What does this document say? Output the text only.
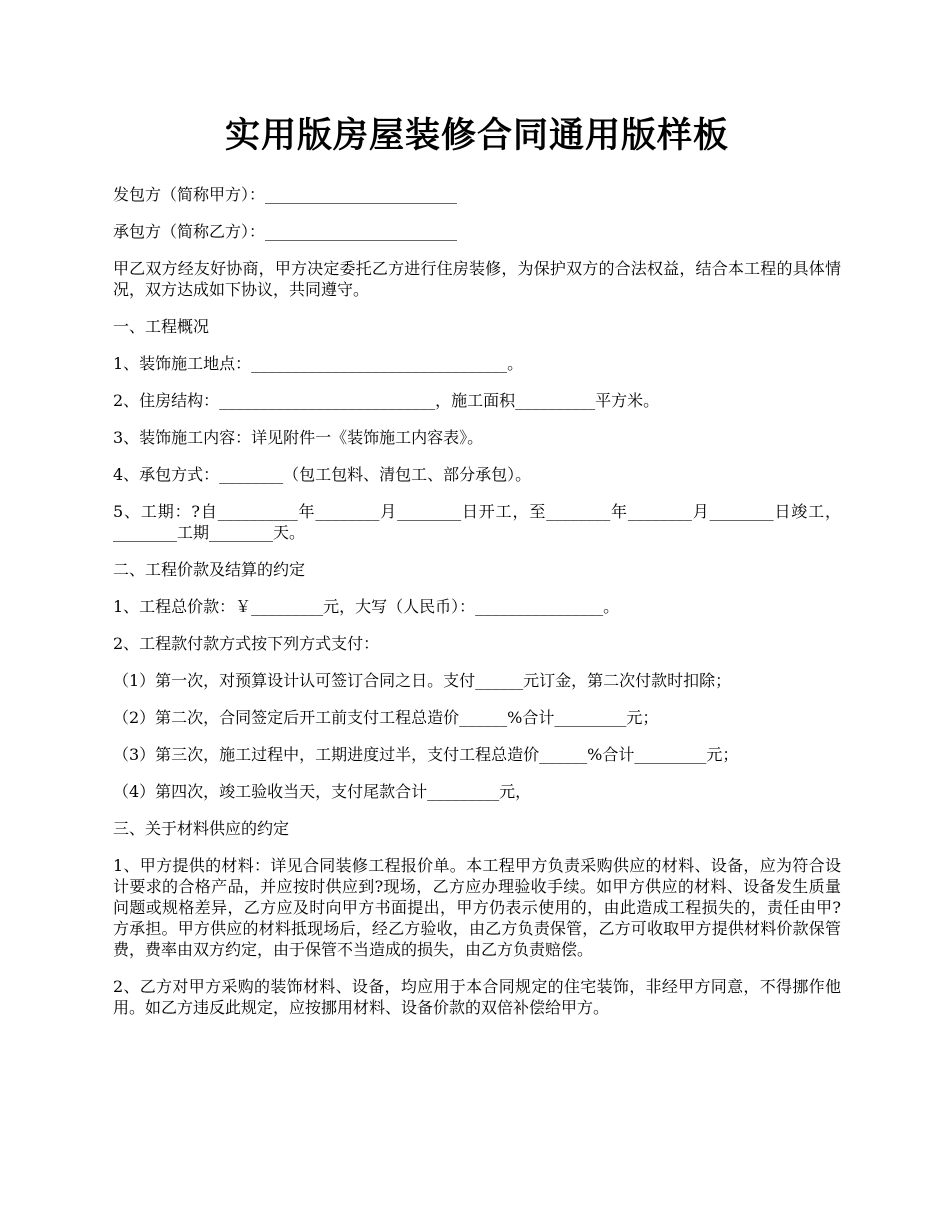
实用版房屋装修合同通用版样板

发包方（简称甲方）：________________________

承包方（简称乙方）：________________________

甲乙双方经友好协商，甲方决定委托乙方进行住房装修，为保护双方的合法权益，结合本工程的具体情况，双方达成如下协议，共同遵守。

一、工程概况

1、装饰施工地点：________________________________。

2、住房结构：___________________________，施工面积__________平方米。

3、装饰施工内容：详见附件一《装饰施工内容表》。

4、承包方式：________（包工包料、清包工、部分承包）。

5、工期：?自__________年________月________日开工，至________年________月________日竣工，________工期________天。

二、工程价款及结算的约定

1、工程总价款：￥_________元，大写（人民币）：________________。

2、工程款付款方式按下列方式支付：

（1）第一次，对预算设计认可签订合同之日。支付______元订金，第二次付款时扣除；

（2）第二次，合同签定后开工前支付工程总造价______%合计_________元；

（3）第三次，施工过程中，工期进度过半，支付工程总造价______%合计_________元；

（4）第四次，竣工验收当天，支付尾款合计_________元，

三、关于材料供应的约定

1、甲方提供的材料：详见合同装修工程报价单。本工程甲方负责采购供应的材料、设备，应为符合设计要求的合格产品，并应按时供应到?现场，乙方应办理验收手续。如甲方供应的材料、设备发生质量问题或规格差异，乙方应及时向甲方书面提出，甲方仍表示使用的，由此造成工程损失的，责任由甲?方承担。甲方供应的材料抵现场后，经乙方验收，由乙方负责保管，乙方可收取甲方提供材料价款保管费，费率由双方约定，由于保管不当造成的损失，由乙方负责赔偿。

2、乙方对甲方采购的装饰材料、设备，均应用于本合同规定的住宅装饰，非经甲方同意，不得挪作他用。如乙方违反此规定，应按挪用材料、设备价款的双倍补偿给甲方。
